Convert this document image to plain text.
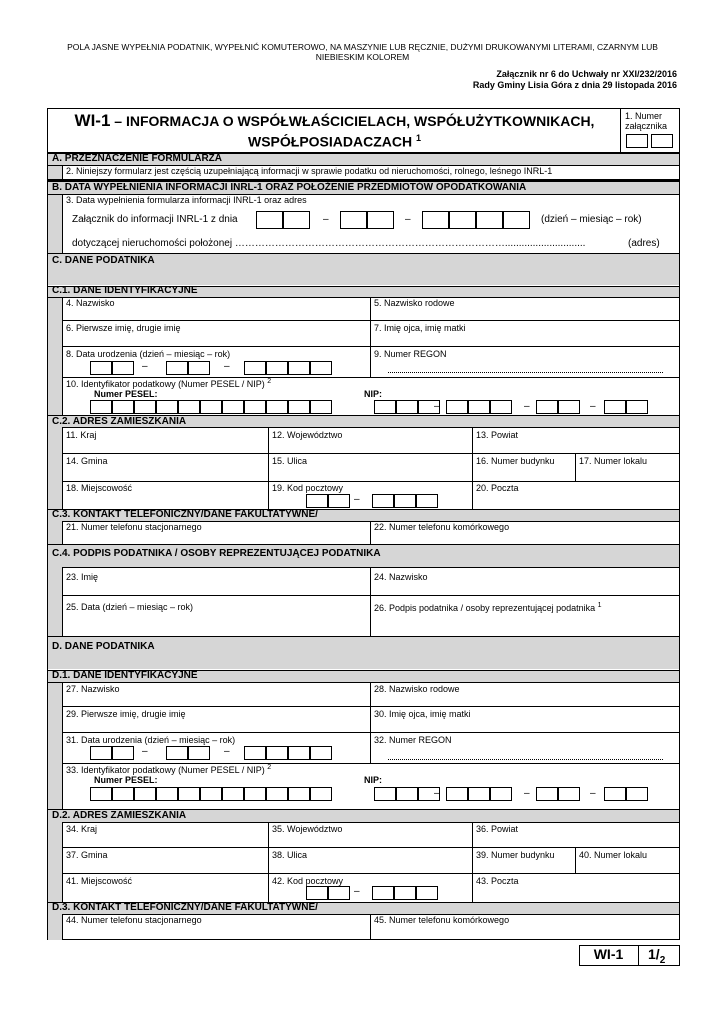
POLA JASNE WYPEŁNIA PODATNIK, WYPEŁNIĆ KOMUTEROWO, NA MASZYNIE LUB RĘCZNIE, DUŻYMI DRUKOWANYMI LITERAMI, CZARNYM LUB
NIEBIESKIM KOLOREM
Załącznik nr 6 do Uchwały nr XXI/232/2016
Rady Gminy Lisia Góra z dnia 29 listopada 2016
WI-1 – INFORMACJA O WSPÓŁWŁAŚCICIELACH, WSPÓŁUŻYTKOWNIKACH,
WSPÓŁPOSIADACZACH $^1$
1. Numer
załącznika
A. PRZEZNACZENIE FORMULARZA
2. Niniejszy formularz jest częścią uzupełniającą informacji w sprawie podatku od nieruchomości, rolnego, leśnego INRL-1
B. DATA WYPEŁNIENIA INFORMACJI INRL-1 ORAZ POŁOŻENIE PRZEDMIOTÓW OPODATKOWANIA
3. Data wypełnienia formularza informacji INRL-1 oraz adres
Załącznik do informacji INRL-1 z dnia	–	–	(dzień – miesiąc – rok)
dotyczącej nieruchomości położonej ……………………………………………………………………….............................	(adres)
C. DANE PODATNIKA
C.1. DANE IDENTYFIKACYJNE
4. Nazwisko	5. Nazwisko rodowe
6. Pierwsze imię, drugie imię	7. Imię ojca, imię matki
8. Data urodzenia (dzień – miesiąc – rok)	9. Numer REGON
–	–
10. Identyfikator podatkowy (Numer PESEL / NIP) $^2$
Numer PESEL:	NIP:
–	–	–
C.2. ADRES ZAMIESZKANIA
11. Kraj	12. Województwo	13. Powiat
14. Gmina	15. Ulica	16. Numer budynku	17. Numer lokalu
18. Miejscowość	19. Kod pocztowy	20. Poczta
–
C.3. KONTAKT TELEFONICZNY/DANE FAKULTATYWNE/
21. Numer telefonu stacjonarnego	22. Numer telefonu komórkowego
C.4. PODPIS PODATNIKA / OSOBY REPREZENTUJĄCEJ PODATNIKA
23. Imię	24. Nazwisko
25. Data (dzień – miesiąc – rok)	26. Podpis podatnika / osoby reprezentującej podatnika $^1$
D. DANE PODATNIKA
D.1. DANE IDENTYFIKACYJNE
27. Nazwisko	28. Nazwisko rodowe
29. Pierwsze imię, drugie imię	30. Imię ojca, imię matki
31. Data urodzenia (dzień – miesiąc – rok)	32. Numer REGON
–	–
33. Identyfikator podatkowy (Numer PESEL / NIP) $^2$
Numer PESEL:	NIP:
–	–	–
D.2. ADRES ZAMIESZKANIA
34. Kraj	35. Województwo	36. Powiat
37. Gmina	38. Ulica	39. Numer budynku	40. Numer lokalu
41. Miejscowość	42. Kod pocztowy	43. Poczta
–
D.3. KONTAKT TELEFONICZNY/DANE FAKULTATYWNE/
44. Numer telefonu stacjonarnego	45. Numer telefonu komórkowego
WI-1	$1/_2$
